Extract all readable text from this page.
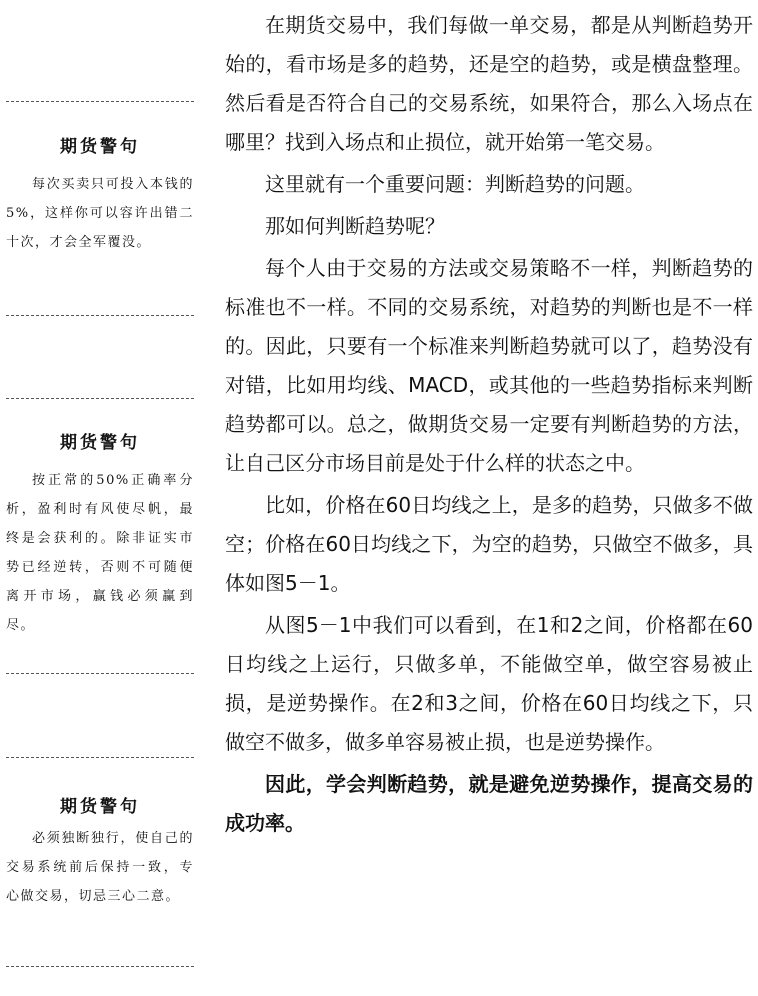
期货警句
每次买卖只可投入本钱的5%，这样你可以容许出错二十次，才会全军覆没。
期货警句
按正常的50%正确率分析，盈利时有风使尽帆，最终是会获利的。除非证实市势已经逆转，否则不可随便离开市场，赢钱必须赢到尽。
期货警句
必须独断独行，使自己的交易系统前后保持一致，专心做交易，切忌三心二意。

在期货交易中，我们每做一单交易，都是从判断趋势开始的，看市场是多的趋势，还是空的趋势，或是横盘整理。然后看是否符合自己的交易系统，如果符合，那么入场点在哪里？找到入场点和止损位，就开始第一笔交易。

这里就有一个重要问题：判断趋势的问题。

那如何判断趋势呢？

每个人由于交易的方法或交易策略不一样，判断趋势的标准也不一样。不同的交易系统，对趋势的判断也是不一样的。因此，只要有一个标准来判断趋势就可以了，趋势没有对错，比如用均线、MACD，或其他的一些趋势指标来判断趋势都可以。总之，做期货交易一定要有判断趋势的方法，让自己区分市场目前是处于什么样的状态之中。

比如，价格在60日均线之上，是多的趋势，只做多不做空；价格在60日均线之下，为空的趋势，只做空不做多，具体如图5－1。

从图5－1中我们可以看到，在1和2之间，价格都在60日均线之上运行，只做多单，不能做空单，做空容易被止损，是逆势操作。在2和3之间，价格在60日均线之下，只做空不做多，做多单容易被止损，也是逆势操作。

因此，学会判断趋势，就是避免逆势操作，提高交易的成功率。
